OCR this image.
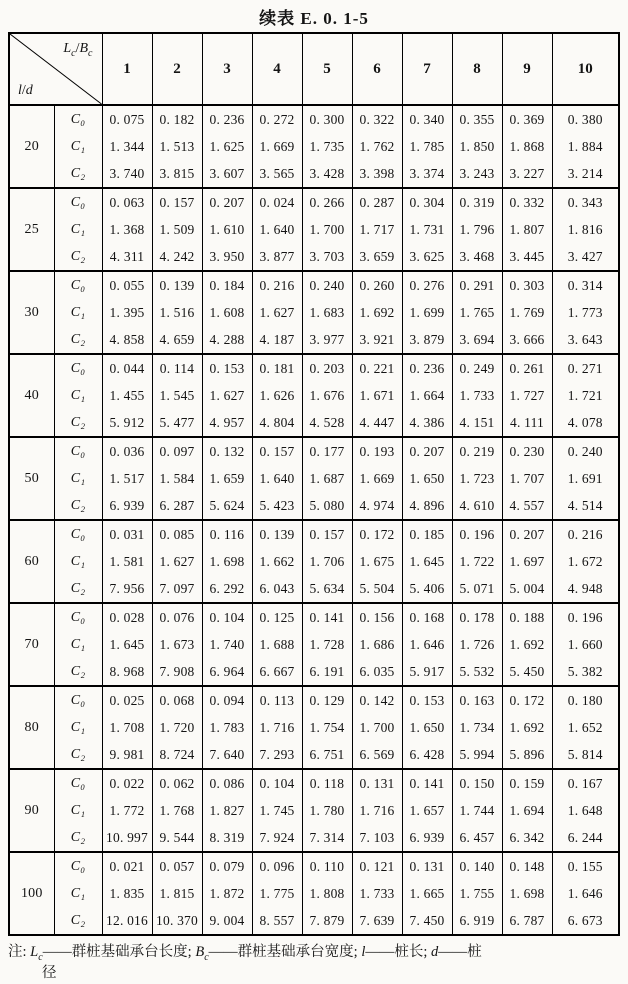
续表 E. 0. 1-5
$L_c/B_c$
l/d		1	2	3	4	5	6	7	8	9	10
20	C₀	0. 075	0. 182	0. 236	0. 272	0. 300	0. 322	0. 340	0. 355	0. 369	0. 380
	C₁	1. 344	1. 513	1. 625	1. 669	1. 735	1. 762	1. 785	1. 850	1. 868	1. 884
	C₂	3. 740	3. 815	3. 607	3. 565	3. 428	3. 398	3. 374	3. 243	3. 227	3. 214
25	C₀	0. 063	0. 157	0. 207	0. 024	0. 266	0. 287	0. 304	0. 319	0. 332	0. 343
	C₁	1. 368	1. 509	1. 610	1. 640	1. 700	1. 717	1. 731	1. 796	1. 807	1. 816
	C₂	4. 311	4. 242	3. 950	3. 877	3. 703	3. 659	3. 625	3. 468	3. 445	3. 427
30	C₀	0. 055	0. 139	0. 184	0. 216	0. 240	0. 260	0. 276	0. 291	0. 303	0. 314
	C₁	1. 395	1. 516	1. 608	1. 627	1. 683	1. 692	1. 699	1. 765	1. 769	1. 773
	C₂	4. 858	4. 659	4. 288	4. 187	3. 977	3. 921	3. 879	3. 694	3. 666	3. 643
40	C₀	0. 044	0. 114	0. 153	0. 181	0. 203	0. 221	0. 236	0. 249	0. 261	0. 271
	C₁	1. 455	1. 545	1. 627	1. 626	1. 676	1. 671	1. 664	1. 733	1. 727	1. 721
	C₂	5. 912	5. 477	4. 957	4. 804	4. 528	4. 447	4. 386	4. 151	4. 111	4. 078
50	C₀	0. 036	0. 097	0. 132	0. 157	0. 177	0. 193	0. 207	0. 219	0. 230	0. 240
	C₁	1. 517	1. 584	1. 659	1. 640	1. 687	1. 669	1. 650	1. 723	1. 707	1. 691
	C₂	6. 939	6. 287	5. 624	5. 423	5. 080	4. 974	4. 896	4. 610	4. 557	4. 514
60	C₀	0. 031	0. 085	0. 116	0. 139	0. 157	0. 172	0. 185	0. 196	0. 207	0. 216
	C₁	1. 581	1. 627	1. 698	1. 662	1. 706	1. 675	1. 645	1. 722	1. 697	1. 672
	C₂	7. 956	7. 097	6. 292	6. 043	5. 634	5. 504	5. 406	5. 071	5. 004	4. 948
70	C₀	0. 028	0. 076	0. 104	0. 125	0. 141	0. 156	0. 168	0. 178	0. 188	0. 196
	C₁	1. 645	1. 673	1. 740	1. 688	1. 728	1. 686	1. 646	1. 726	1. 692	1. 660
	C₂	8. 968	7. 908	6. 964	6. 667	6. 191	6. 035	5. 917	5. 532	5. 450	5. 382
80	C₀	0. 025	0. 068	0. 094	0. 113	0. 129	0. 142	0. 153	0. 163	0. 172	0. 180
	C₁	1. 708	1. 720	1. 783	1. 716	1. 754	1. 700	1. 650	1. 734	1. 692	1. 652
	C₂	9. 981	8. 724	7. 640	7. 293	6. 751	6. 569	6. 428	5. 994	5. 896	5. 814
90	C₀	0. 022	0. 062	0. 086	0. 104	0. 118	0. 131	0. 141	0. 150	0. 159	0. 167
	C₁	1. 772	1. 768	1. 827	1. 745	1. 780	1. 716	1. 657	1. 744	1. 694	1. 648
	C₂	10. 997	9. 544	8. 319	7. 924	7. 314	7. 103	6. 939	6. 457	6. 342	6. 244
100	C₀	0. 021	0. 057	0. 079	0. 096	0. 110	0. 121	0. 131	0. 140	0. 148	0. 155
	C₁	1. 835	1. 815	1. 872	1. 775	1. 808	1. 733	1. 665	1. 755	1. 698	1. 646
	C₂	12. 016	10. 370	9. 004	8. 557	7. 879	7. 639	7. 450	6. 919	6. 787	6. 673
注: $L_c——$群桩基础承台长度; $B_c——$群桩基础承台宽度; l——桩长; d——桩
径
